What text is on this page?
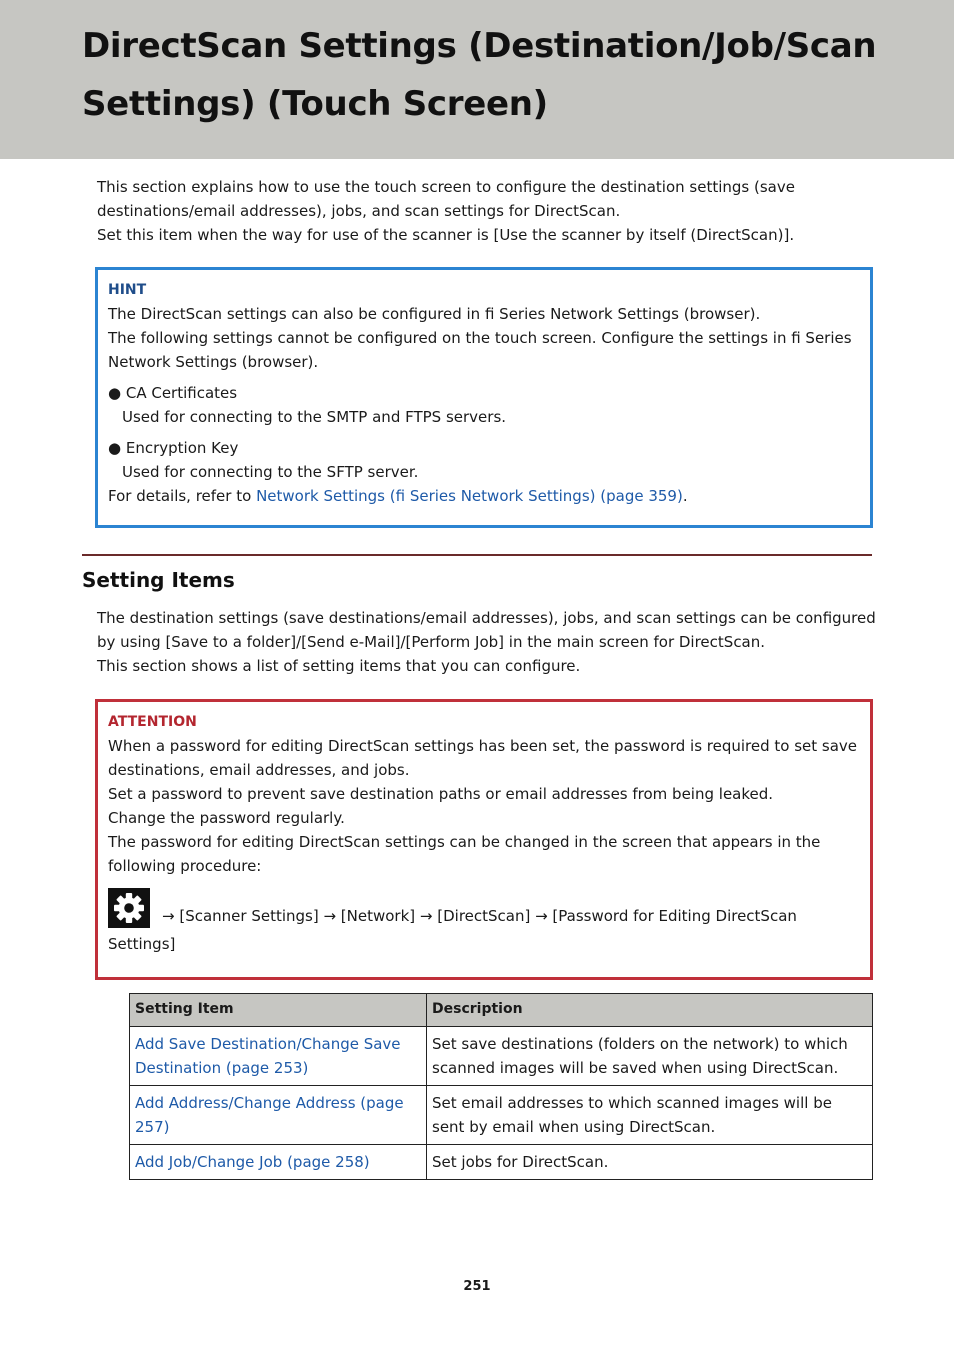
DirectScan Settings (Destination/Job/Scan
Settings) (Touch Screen)

This section explains how to use the touch screen to configure the destination settings (save

destinations/email addresses), jobs, and scan settings for DirectScan.

Set this item when the way for use of the scanner is [Use the scanner by itself (DirectScan)].

HINT

The DirectScan settings can also be configured in fi Series Network Settings (browser).

The following settings cannot be configured on the touch screen. Configure the settings in fi Series

Network Settings (browser).

● CA Certificates

Used for connecting to the SMTP and FTPS servers.

● Encryption Key

Used for connecting to the SFTP server.

For details, refer to Network Settings (fi Series Network Settings) (page 359).

Setting Items

The destination settings (save destinations/email addresses), jobs, and scan settings can be configured

by using [Save to a folder]/[Send e-Mail]/[Perform Job] in the main screen for DirectScan.

This section shows a list of setting items that you can configure.

ATTENTION

When a password for editing DirectScan settings has been set, the password is required to set save

destinations, email addresses, and jobs.

Set a password to prevent save destination paths or email addresses from being leaked.

Change the password regularly.

The password for editing DirectScan settings can be changed in the screen that appears in the

following procedure:

→ [Scanner Settings] → [Network] → [DirectScan] → [Password for Editing DirectScan

Settings]

Setting Item	Description
Add Save Destination/Change Save Destination (page 253)	Set save destinations (folders on the network) to which scanned images will be saved when using DirectScan.
Add Address/Change Address (page 257)	Set email addresses to which scanned images will be sent by email when using DirectScan.
Add Job/Change Job (page 258)	Set jobs for DirectScan.
251
